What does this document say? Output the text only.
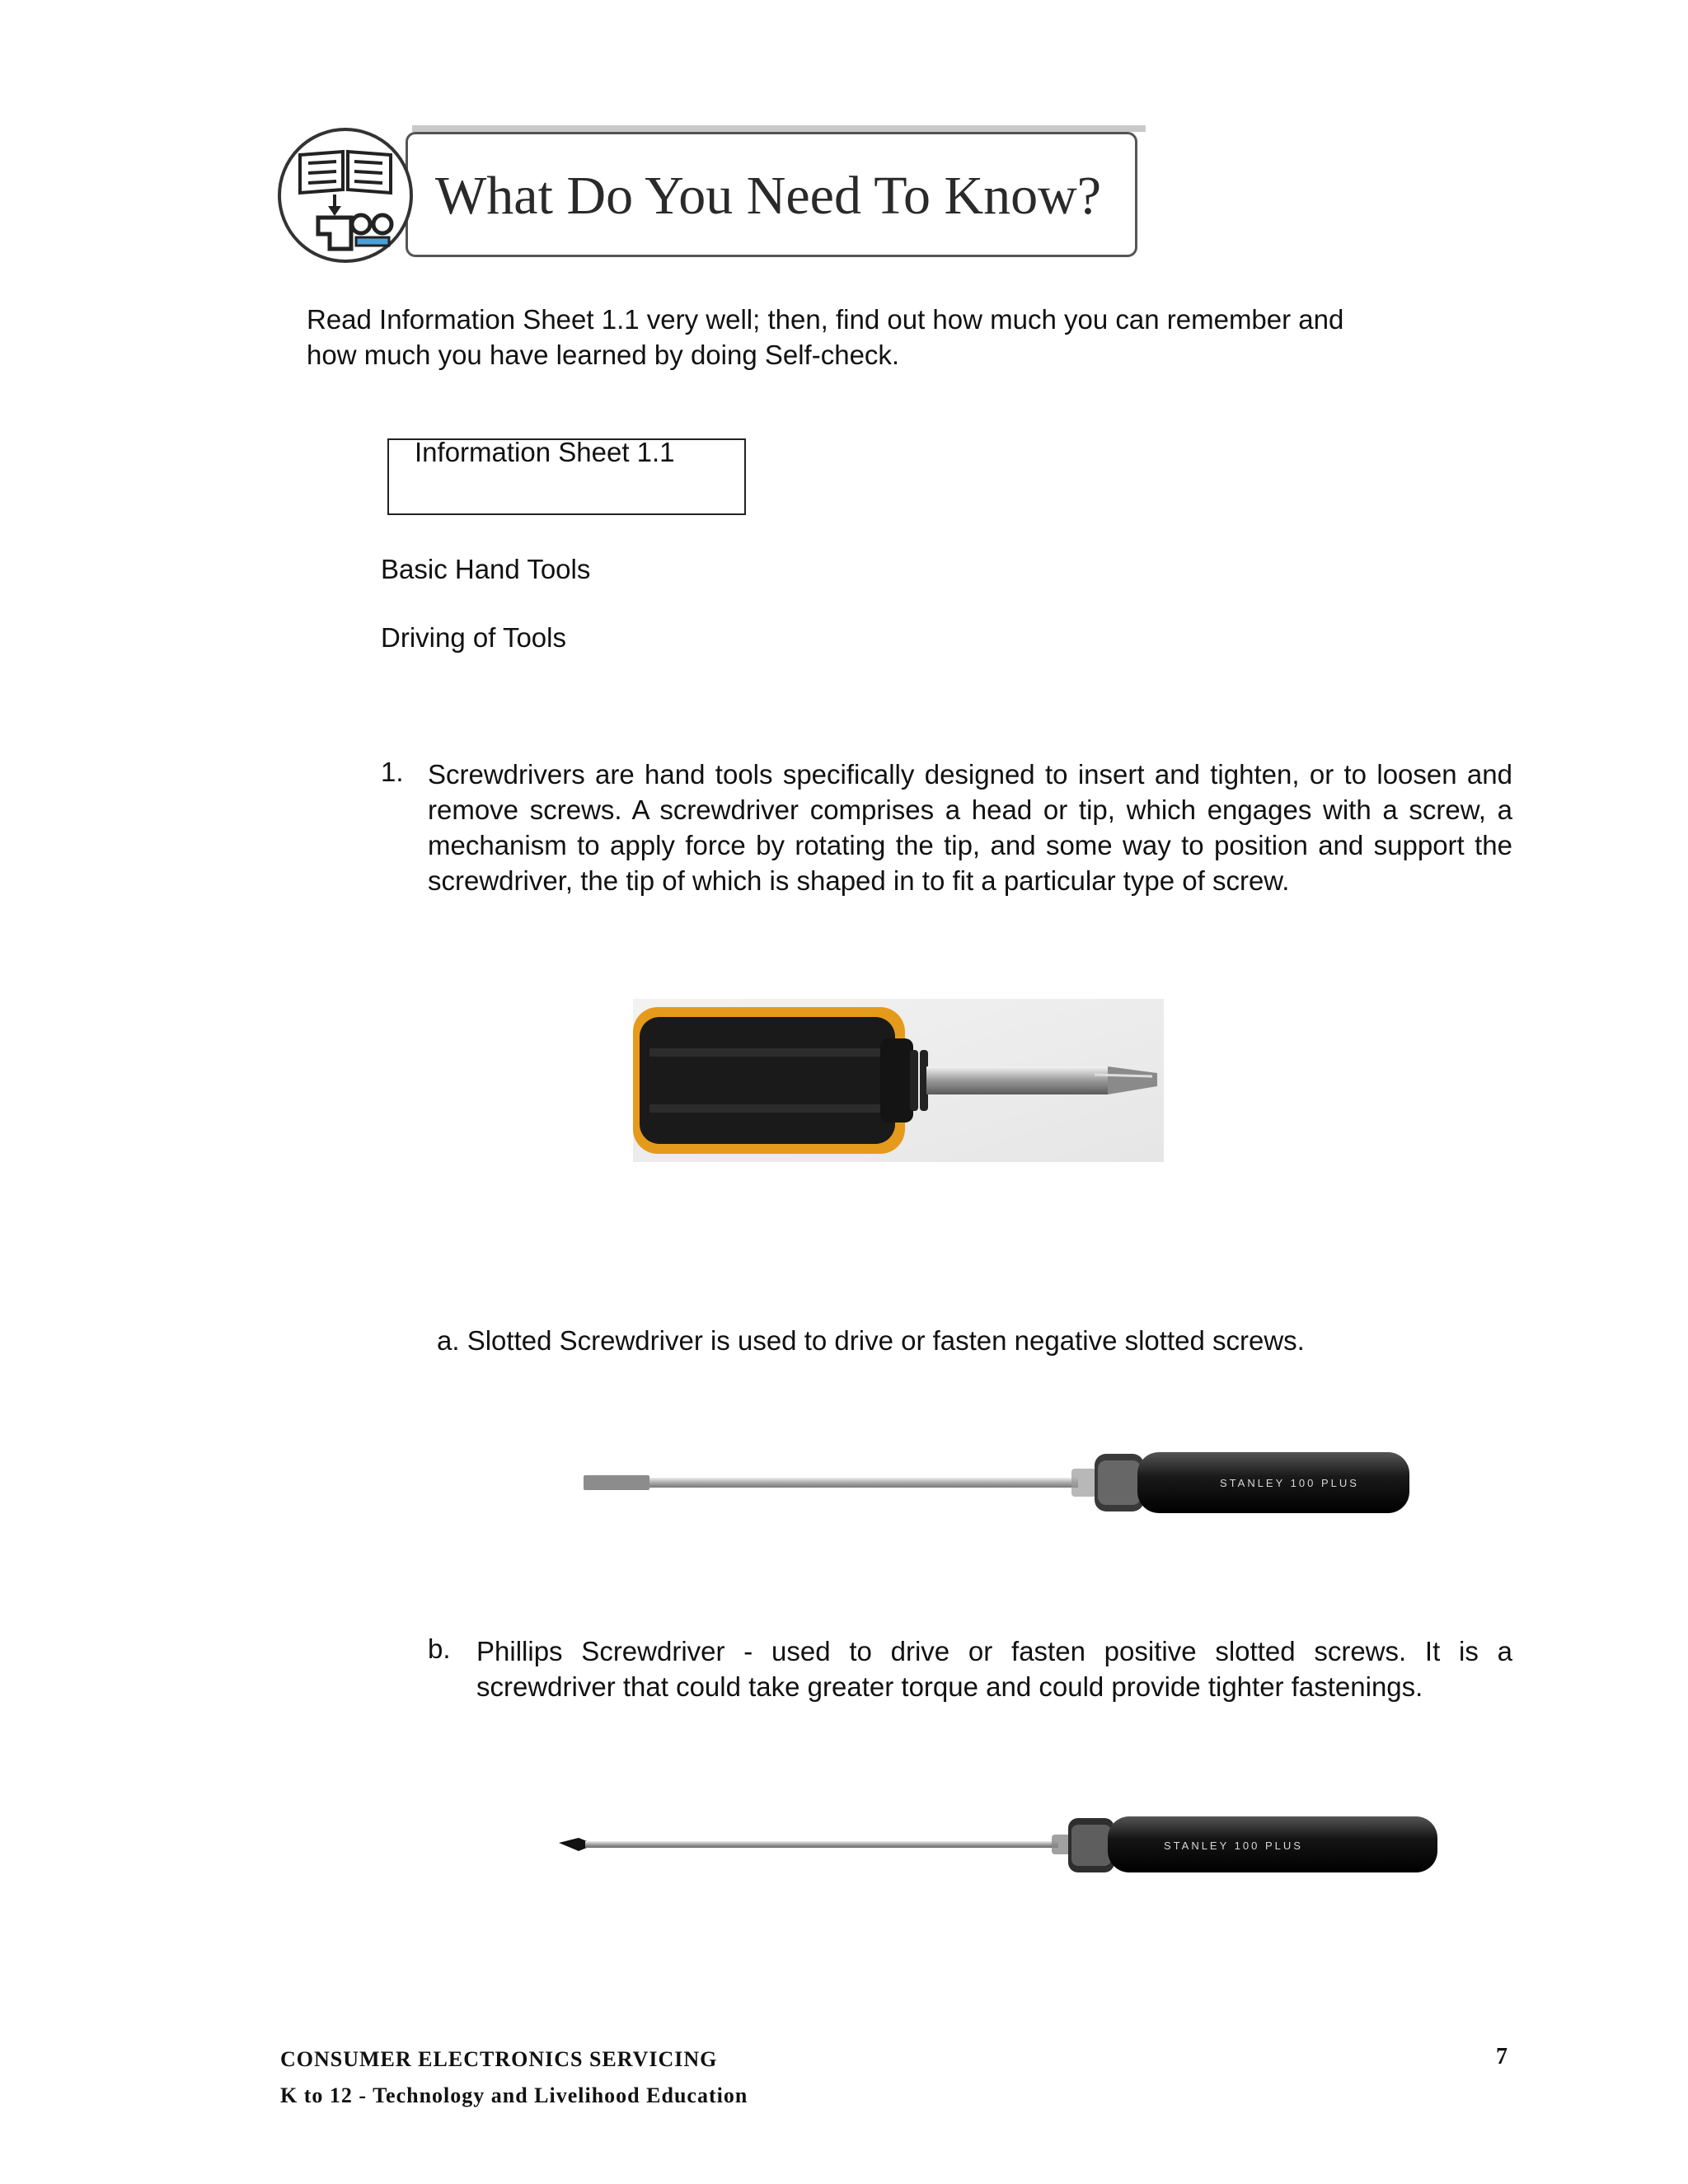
What Do You Need To Know?
Read Information Sheet 1.1 very well; then, find out how much you can remember and how much you have learned by doing Self-check.
Information Sheet 1.1
Basic Hand Tools
Driving of Tools
1. Screwdrivers are hand tools specifically designed to insert and tighten, or to loosen and remove screws. A screwdriver comprises a head or tip, which engages with a screw, a mechanism to apply force by rotating the tip, and some way to position and support the screwdriver, the tip of which is shaped in to fit a particular type of screw.
a. Slotted Screwdriver is used to drive or fasten negative slotted screws.
STANLEY 100 PLUS
b. Phillips Screwdriver - used to drive or fasten positive slotted screws. It is a screwdriver that could take greater torque and could provide tighter fastenings.
STANLEY 100 PLUS
CONSUMER ELECTRONICS SERVICING
K to 12 - Technology and Livelihood Education
7
